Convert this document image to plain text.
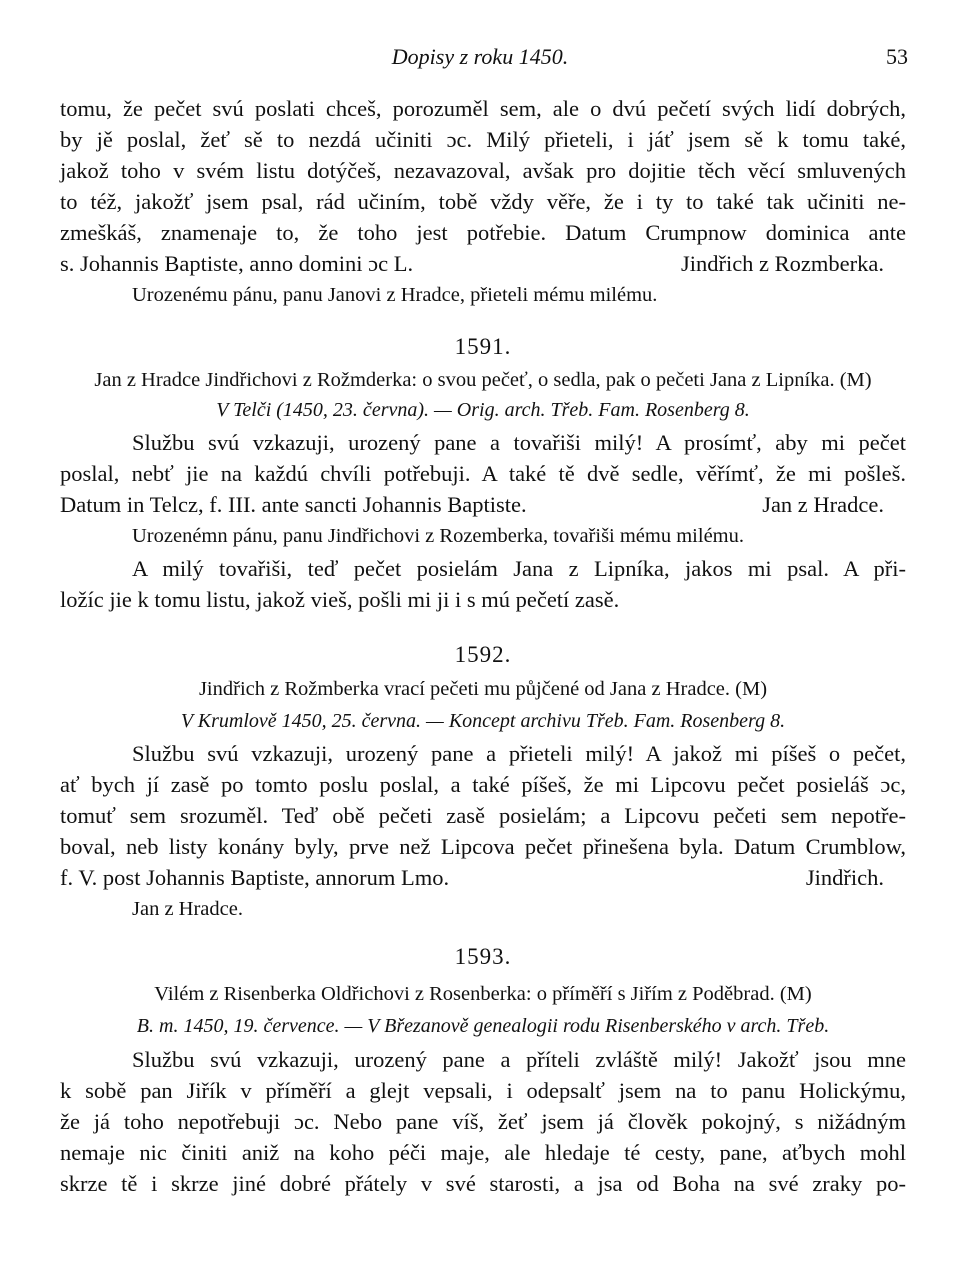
Dopisy z roku 1450.	53
tomu, že pečet svú poslati chceš, porozuměl sem, ale o dvú pečetí svých lidí dobrých,
by jě poslal, žeť sě to nezdá učiniti ɔc. Milý přieteli, i jáť jsem sě k tomu také,
jakož toho v svém listu dotýčeš, nezavazoval, avšak pro dojitie těch věcí smluvených
to též, jakožť jsem psal, rád učiním, tobě vždy věře, že i ty to také tak učiniti ne-
zmeškáš, znamenaje to, že toho jest potřebie. Datum Crumpnow dominica ante
s. Johannis Baptiste, anno domini ɔc L.	Jindřich z Rozmberka.
Urozenému pánu, panu Janovi z Hradce, přieteli mému milému.
1591.
Jan z Hradce Jindřichovi z Rožmderka: o svou pečeť, o sedla, pak o pečeti Jana z Lipníka. (M)
V Telči (1450, 23. června). — Orig. arch. Třeb. Fam. Rosenberg 8.
Službu svú vzkazuji, urozený pane a tovařiši milý! A prosímť, aby mi pečet
poslal, nebť jie na každú chvíli potřebuji. A také tě dvě sedle, věřímť, že mi pošleš.
Datum in Telcz, f. III. ante sancti Johannis Baptiste.	Jan z Hradce.
Urozenémn pánu, panu Jindřichovi z Rozemberka, tovařiši mému milému.
A milý tovařiši, teď pečet posielám Jana z Lipníka, jakos mi psal. A při-
ložíc jie k tomu listu, jakož vieš, pošli mi ji i s mú pečetí zasě.
1592.
Jindřich z Rožmberka vrací pečeti mu půjčené od Jana z Hradce. (M)
V Krumlově 1450, 25. června. — Koncept archivu Třeb. Fam. Rosenberg 8.
Službu svú vzkazuji, urozený pane a přieteli milý! A jakož mi píšeš o pečet,
ať bych jí zasě po tomto poslu poslal, a také píšeš, že mi Lipcovu pečet posieláš ɔc,
tomuť sem srozuměl. Teď obě pečeti zasě posielám; a Lipcovu pečeti sem nepotře-
boval, neb listy konány byly, prve než Lipcova pečet přinešena byla. Datum Crumblow,
f. V. post Johannis Baptiste, annorum Lmo.	Jindřich.
Jan z Hradce.
1593.
Vilém z Risenberka Oldřichovi z Rosenberka: o příměří s Jiřím z Poděbrad. (M)
B. m. 1450, 19. července. — V Březanově genealogii rodu Risenberského v arch. Třeb.
Službu svú vzkazuji, urozený pane a příteli zvláště milý! Jakožť jsou mne
k sobě pan Jiřík v příměří a glejt vepsali, i odepsalť jsem na to panu Holickýmu,
že já toho nepotřebuji ɔc. Nebo pane víš, žeť jsem já člověk pokojný, s nižádným
nemaje nic činiti aniž na koho péči maje, ale hledaje té cesty, pane, aťbych mohl
skrze tě i skrze jiné dobré přátely v své starosti, a jsa od Boha na své zraky po-
